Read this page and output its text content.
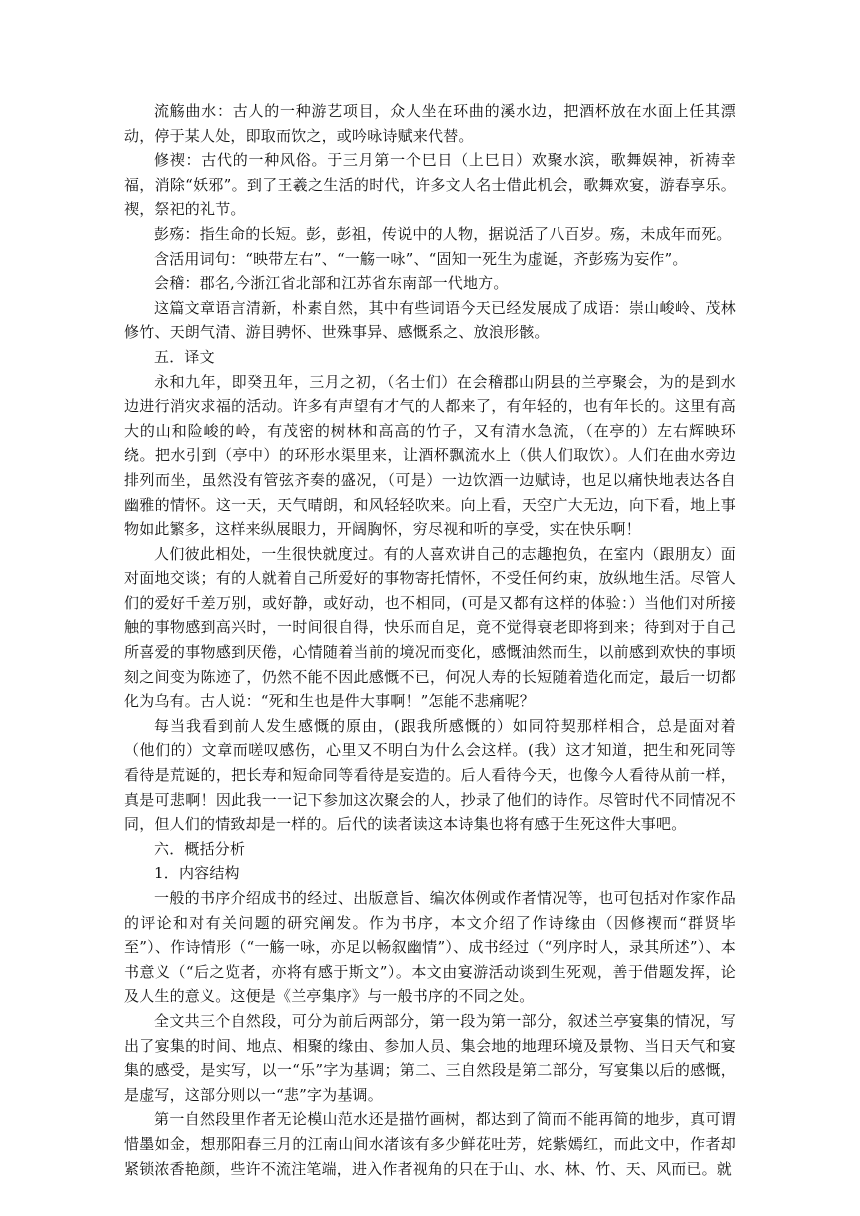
流觞曲水：古人的一种游艺项目，众人坐在环曲的溪水边，把酒杯放在水面上任其漂动，停于某人处，即取而饮之，或吟咏诗赋来代替。

修禊：古代的一种风俗。于三月第一个巳日（上巳日）欢聚水滨，歌舞娱神，祈祷幸福，消除“妖邪”。到了王羲之生活的时代，许多文人名士借此机会，歌舞欢宴，游春享乐。禊，祭祀的礼节。

彭殇：指生命的长短。彭，彭祖，传说中的人物，据说活了八百岁。殇，未成年而死。

含活用词句：“映带左右”、“一觞一咏”、“固知一死生为虚诞，齐彭殇为妄作”。

会稽：郡名,今浙江省北部和江苏省东南部一代地方。

这篇文章语言清新，朴素自然，其中有些词语今天已经发展成了成语：崇山峻岭、茂林修竹、天朗气清、游目骋怀、世殊事异、感慨系之、放浪形骸。

五．译文

永和九年，即癸丑年，三月之初，（名士们）在会稽郡山阴县的兰亭聚会，为的是到水边进行消灾求福的活动。许多有声望有才气的人都来了，有年轻的，也有年长的。这里有高大的山和险峻的岭，有茂密的树林和高高的竹子，又有清水急流，（在亭的）左右辉映环绕。把水引到（亭中）的环形水渠里来，让酒杯飘流水上（供人们取饮）。人们在曲水旁边排列而坐，虽然没有管弦齐奏的盛况，（可是）一边饮酒一边赋诗，也足以痛快地表达各自幽雅的情怀。这一天，天气晴朗，和风轻轻吹来。向上看，天空广大无边，向下看，地上事物如此繁多，这样来纵展眼力，开阔胸怀，穷尽视和听的享受，实在快乐啊！

人们彼此相处，一生很快就度过。有的人喜欢讲自己的志趣抱负，在室内（跟朋友）面对面地交谈；有的人就着自己所爱好的事物寄托情怀，不受任何约束，放纵地生活。尽管人们的爱好千差万别，或好静，或好动，也不相同，(可是又都有这样的体验：）当他们对所接触的事物感到高兴时，一时间很自得，快乐而自足，竟不觉得衰老即将到来；待到对于自己所喜爱的事物感到厌倦，心情随着当前的境况而变化，感慨油然而生，以前感到欢快的事顷刻之间变为陈迹了，仍然不能不因此感慨不已，何况人寿的长短随着造化而定，最后一切都化为乌有。古人说：“死和生也是件大事啊！”怎能不悲痛呢？

每当我看到前人发生感慨的原由，(跟我所感慨的）如同符契那样相合，总是面对着（他们的）文章而嗟叹感伤，心里又不明白为什么会这样。(我）这才知道，把生和死同等看待是荒诞的，把长寿和短命同等看待是妄造的。后人看待今天，也像今人看待从前一样，真是可悲啊！因此我一一记下参加这次聚会的人，抄录了他们的诗作。尽管时代不同情况不同，但人们的情致却是一样的。后代的读者读这本诗集也将有感于生死这件大事吧。

六．概括分析

1．内容结构

一般的书序介绍成书的经过、出版意旨、编次体例或作者情况等，也可包括对作家作品的评论和对有关问题的研究阐发。作为书序，本文介绍了作诗缘由（因修禊而“群贤毕至”）、作诗情形（“一觞一咏，亦足以畅叙幽情”）、成书经过（“列序时人，录其所述”）、本书意义（“后之览者，亦将有感于斯文”）。本文由宴游活动谈到生死观，善于借题发挥，论及人生的意义。这便是《兰亭集序》与一般书序的不同之处。

全文共三个自然段，可分为前后两部分，第一段为第一部分，叙述兰亭宴集的情况，写出了宴集的时间、地点、相聚的缘由、参加人员、集会地的地理环境及景物、当日天气和宴集的感受，是实写，以一“乐”字为基调；第二、三自然段是第二部分，写宴集以后的感慨，是虚写，这部分则以一“悲”字为基调。

第一自然段里作者无论模山范水还是描竹画树，都达到了简而不能再简的地步，真可谓惜墨如金，想那阳春三月的江南山间水渚该有多少鲜花吐芳，姹紫嫣红，而此文中，作者却紧锁浓香艳颜，些许不流注笔端，进入作者视角的只在于山、水、林、竹、天、风而已。就
